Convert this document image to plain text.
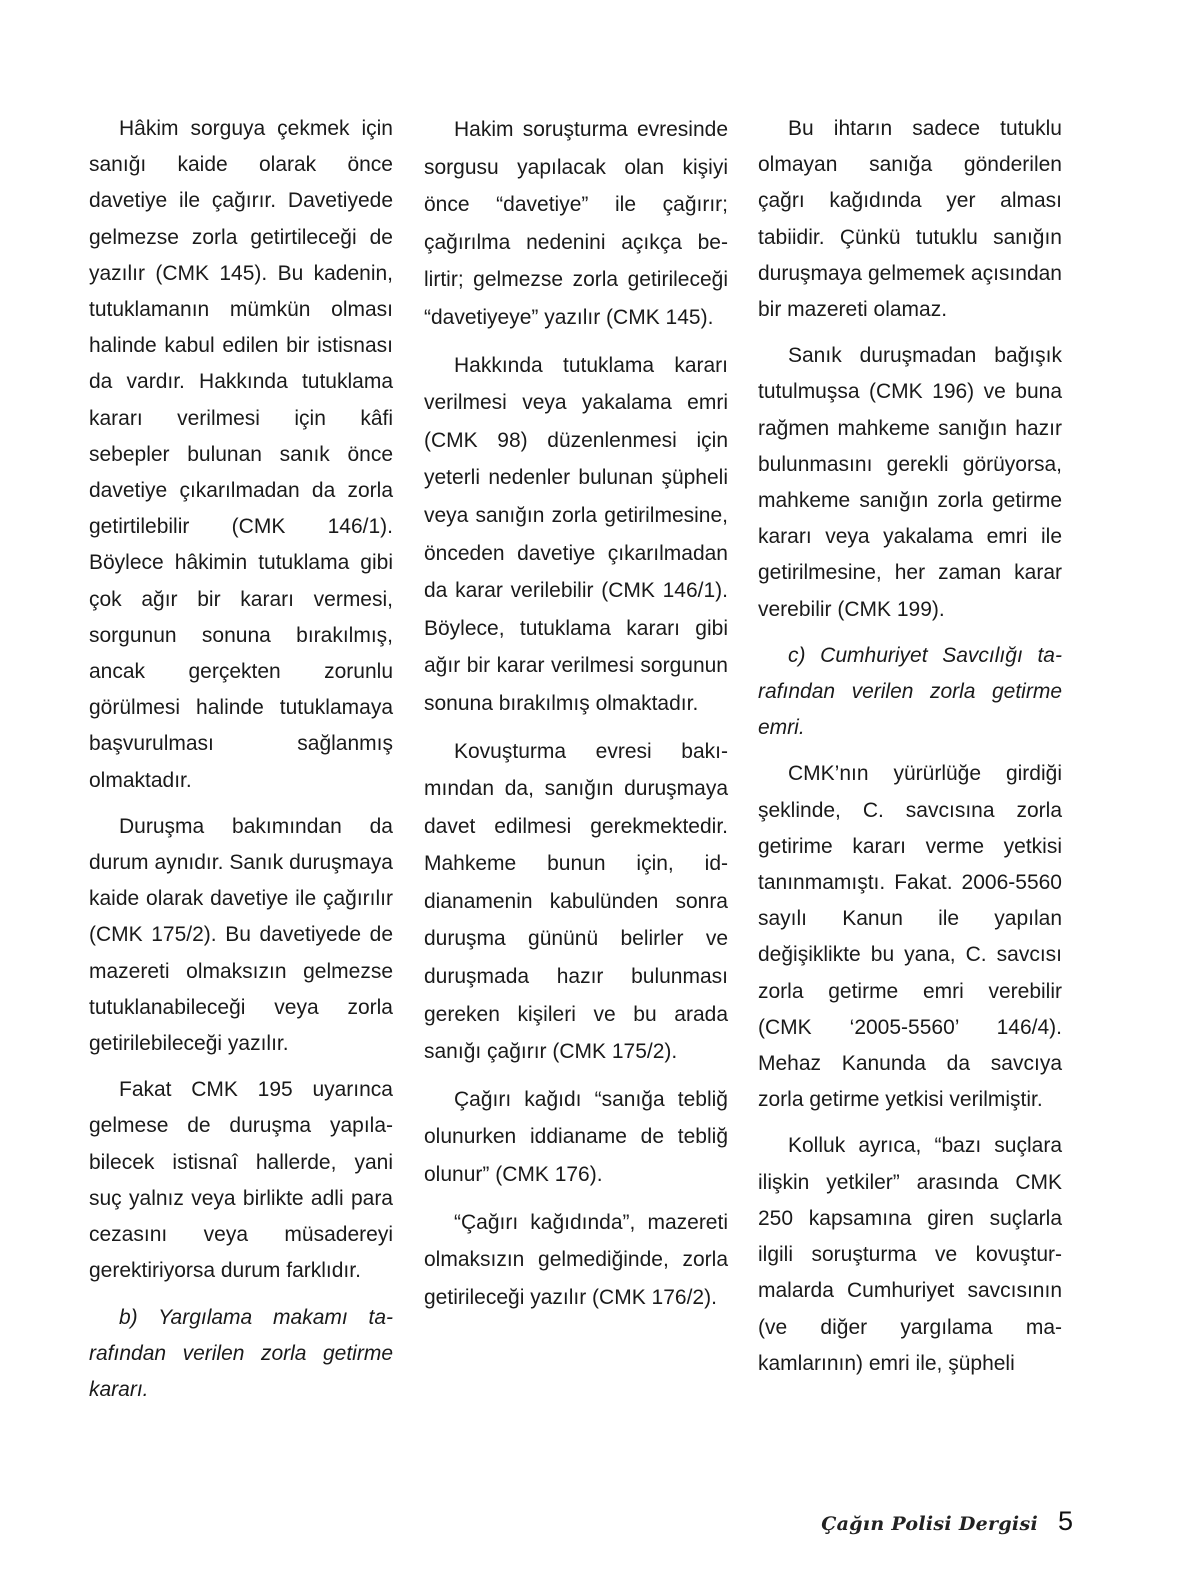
Hâkim sorguya çekmek için sanığı kaide olarak önce davetiye ile çağırır. Davetiyede gelmezse zorla getirtileceği de yazılır (CMK 145). Bu kadenin, tutuklamanın mümkün olması halinde kabul edilen bir istisnası da vardır. Hakkında tutuklama kararı verilmesi için kâfi sebepler bulunan sanık önce davetiye çıkarılmadan da zorla getirtilebilir (CMK 146/1). Böylece hâkimin tutuklama gibi çok ağır bir kararı vermesi, sorgunun sonuna bırakılmış, ancak gerçekten zorunlu görülmesi halinde tutuklamaya başvurulması sağlanmış olmaktadır.

Duruşma bakımından da durum aynıdır. Sanık duruşmaya kaide olarak davetiye ile çağırılır (CMK 175/2). Bu davetiyede de mazereti olmaksızın gelmezse tutuklanabileceği veya zorla getirilebileceği yazılır.

Fakat CMK 195 uyarınca gelmese de duruşma yapılabilecek istisnaî hallerde, yani suç yalnız veya birlikte adli para cezasını veya müsadereyi gerektiriyorsa durum farklıdır.

b) Yargılama makamı tarafından verilen zorla getirme kararı.

Hakim soruşturma evresinde sorgusu yapılacak olan kişiyi önce “davetiye” ile çağırır; çağırılma nedenini açıkça belirtir; gelmezse zorla getirileceği “davetiyeye” yazılır (CMK 145).

Hakkında tutuklama kararı verilmesi veya yakalama emri (CMK 98) düzenlenmesi için yeterli nedenler bulunan şüpheli veya sanığın zorla getirilmesine, önceden davetiye çıkarılmadan da karar verilebilir (CMK 146/1). Böylece, tutuklama kararı gibi ağır bir karar verilmesi sorgunun sonuna bırakılmış olmaktadır.

Kovuşturma evresi bakımından da, sanığın duruşmaya davet edilmesi gerekmektedir. Mahkeme bunun için, iddianamenin kabulünden sonra duruşma gününü belirler ve duruşmada hazır bulunması gereken kişileri ve bu arada sanığı çağırır (CMK 175/2).

Çağırı kağıdı “sanığa tebliğ olunurken iddianame de tebliğ olunur” (CMK 176).

“Çağırı kağıdında”, mazereti olmaksızın gelmediğinde, zorla getirileceği yazılır (CMK 176/2).

Bu ihtarın sadece tutuklu olmayan sanığa gönderilen çağrı kağıdında yer alması tabiidir. Çünkü tutuklu sanığın duruşmaya gelmemek açısından bir mazereti olamaz.

Sanık duruşmadan bağışık tutulmuşsa (CMK 196) ve buna rağmen mahkeme sanığın hazır bulunmasını gerekli görüyorsa, mahkeme sanığın zorla getirme kararı veya yakalama emri ile getirilmesine, her zaman karar verebilir (CMK 199).

c) Cumhuriyet Savcılığı tarafından verilen zorla getirme emri.

CMK’nın yürürlüğe girdiği şeklinde, C. savcısına zorla getirime kararı verme yetkisi tanınmamıştı. Fakat. 2006-5560 sayılı Kanun ile yapılan değişiklikte bu yana, C. savcısı zorla getirme emri verebilir (CMK ‘2005-5560’ 146/4). Mehaz Kanunda da savcıya zorla getirme yetkisi verilmiştir.

Kolluk ayrıca, “bazı suçlara ilişkin yetkiler” arasında CMK 250 kapsamına giren suçlarla ilgili soruşturma ve kovuşturmalarda Cumhuriyet savcısının (ve diğer yargılama makamlarının) emri ile, şüpheli

Çağın Polisi Dergisi 5
